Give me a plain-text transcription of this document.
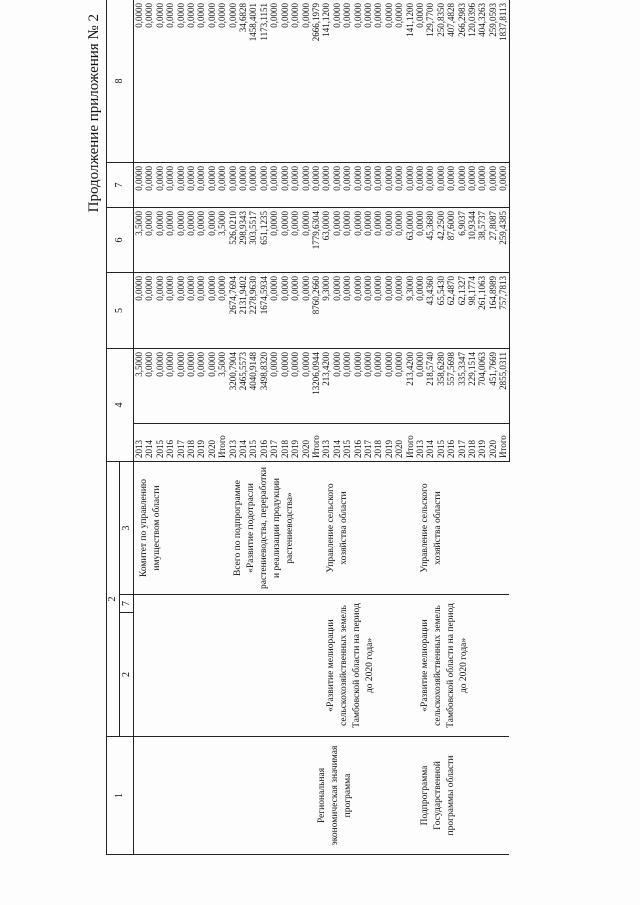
Продолжение приложения № 2
1	2			4		5	6	7	8
	2	7	3						
Региональная экономическая значимая программа			Комитет по управлению имуществом области	2013	3,5000	0,0000	3,5000	0,0000	0,0000
				2014	0,0000	0,0000	0,0000	0,0000	0,0000
				2015	0,0000	0,0000	0,0000	0,0000	0,0000
				2016	0,0000	0,0000	0,0000	0,0000	0,0000
				2017	0,0000	0,0000	0,0000	0,0000	0,0000
				2018	0,0000	0,0000	0,0000	0,0000	0,0000
				2019	0,0000	0,0000	0,0000	0,0000	0,0000
				2020	0,0000	0,0000	0,0000	0,0000	0,0000
				Итого	3,5000	0,0000	3,5000	0,0000	0,0000
			Всего по подпрограмме «Развитие подотрасли растениеводства, переработки и реализации продукции растениеводства»	2013	3200,7904	2674,7694	526,0210	0,0000	0,0000
				2014	2465,5573	2131,9402	298,9343	0,0000	34,6828
				2015	4040,9148	2278,9630	303,5517	0,0000	1458,4001
				2016	3498,8320	1674,5934	651,1235	0,0000	1173,1151
				2017	0,0000	0,0000	0,0000	0,0000	0,0000
				2018	0,0000	0,0000	0,0000	0,0000	0,0000
				2019	0,0000	0,0000	0,0000	0,0000	0,0000
				2020	0,0000	0,0000	0,0000	0,0000	0,0000
				Итого	13206,0944	8760,2660	1779,6304	0,0000	2666,1979
	«Развитие мелиорации сельскохозяйственных земель Тамбовской области на период до 2020 года»		Управление сельского хозяйства области	2013	213,4200	9,3000	63,0000	0,0000	141,1200
				2014	0,0000	0,0000	0,0000	0,0000	0,0000
				2015	0,0000	0,0000	0,0000	0,0000	0,0000
				2016	0,0000	0,0000	0,0000	0,0000	0,0000
				2017	0,0000	0,0000	0,0000	0,0000	0,0000
				2018	0,0000	0,0000	0,0000	0,0000	0,0000
				2019	0,0000	0,0000	0,0000	0,0000	0,0000
				2020	0,0000	0,0000	0,0000	0,0000	0,0000
				Итого	213,4200	9,3000	63,0000	0,0000	141,1200
Подпрограмма Государственной программы области	«Развитие мелиорации сельскохозяйственных земель Тамбовской области на период до 2020 года»		Управление сельского хозяйства области	2013	0,0000	0,0000	0,0000	0,0000	0,0000
				2014	218,5740	43,4360	45,3680	0,0000	129,7700
				2015	358,6280	65,5430	42,2500	0,0000	250,8350
				2016	557,5698	62,4870	87,6000	0,0000	407,4828
				2017	335,3347	62,1327	6,9037	0,0000	266,2983
				2018	229,1514	98,1774	10,9344	0,0000	120,0396
				2019	704,0063	261,1063	38,5737	0,0000	404,3263
				2020	451,7669	164,8989	27,8087	0,0000	259,0593
				Итого	2855,0311	757,7813	259,4385	0,0000	1837,8113
